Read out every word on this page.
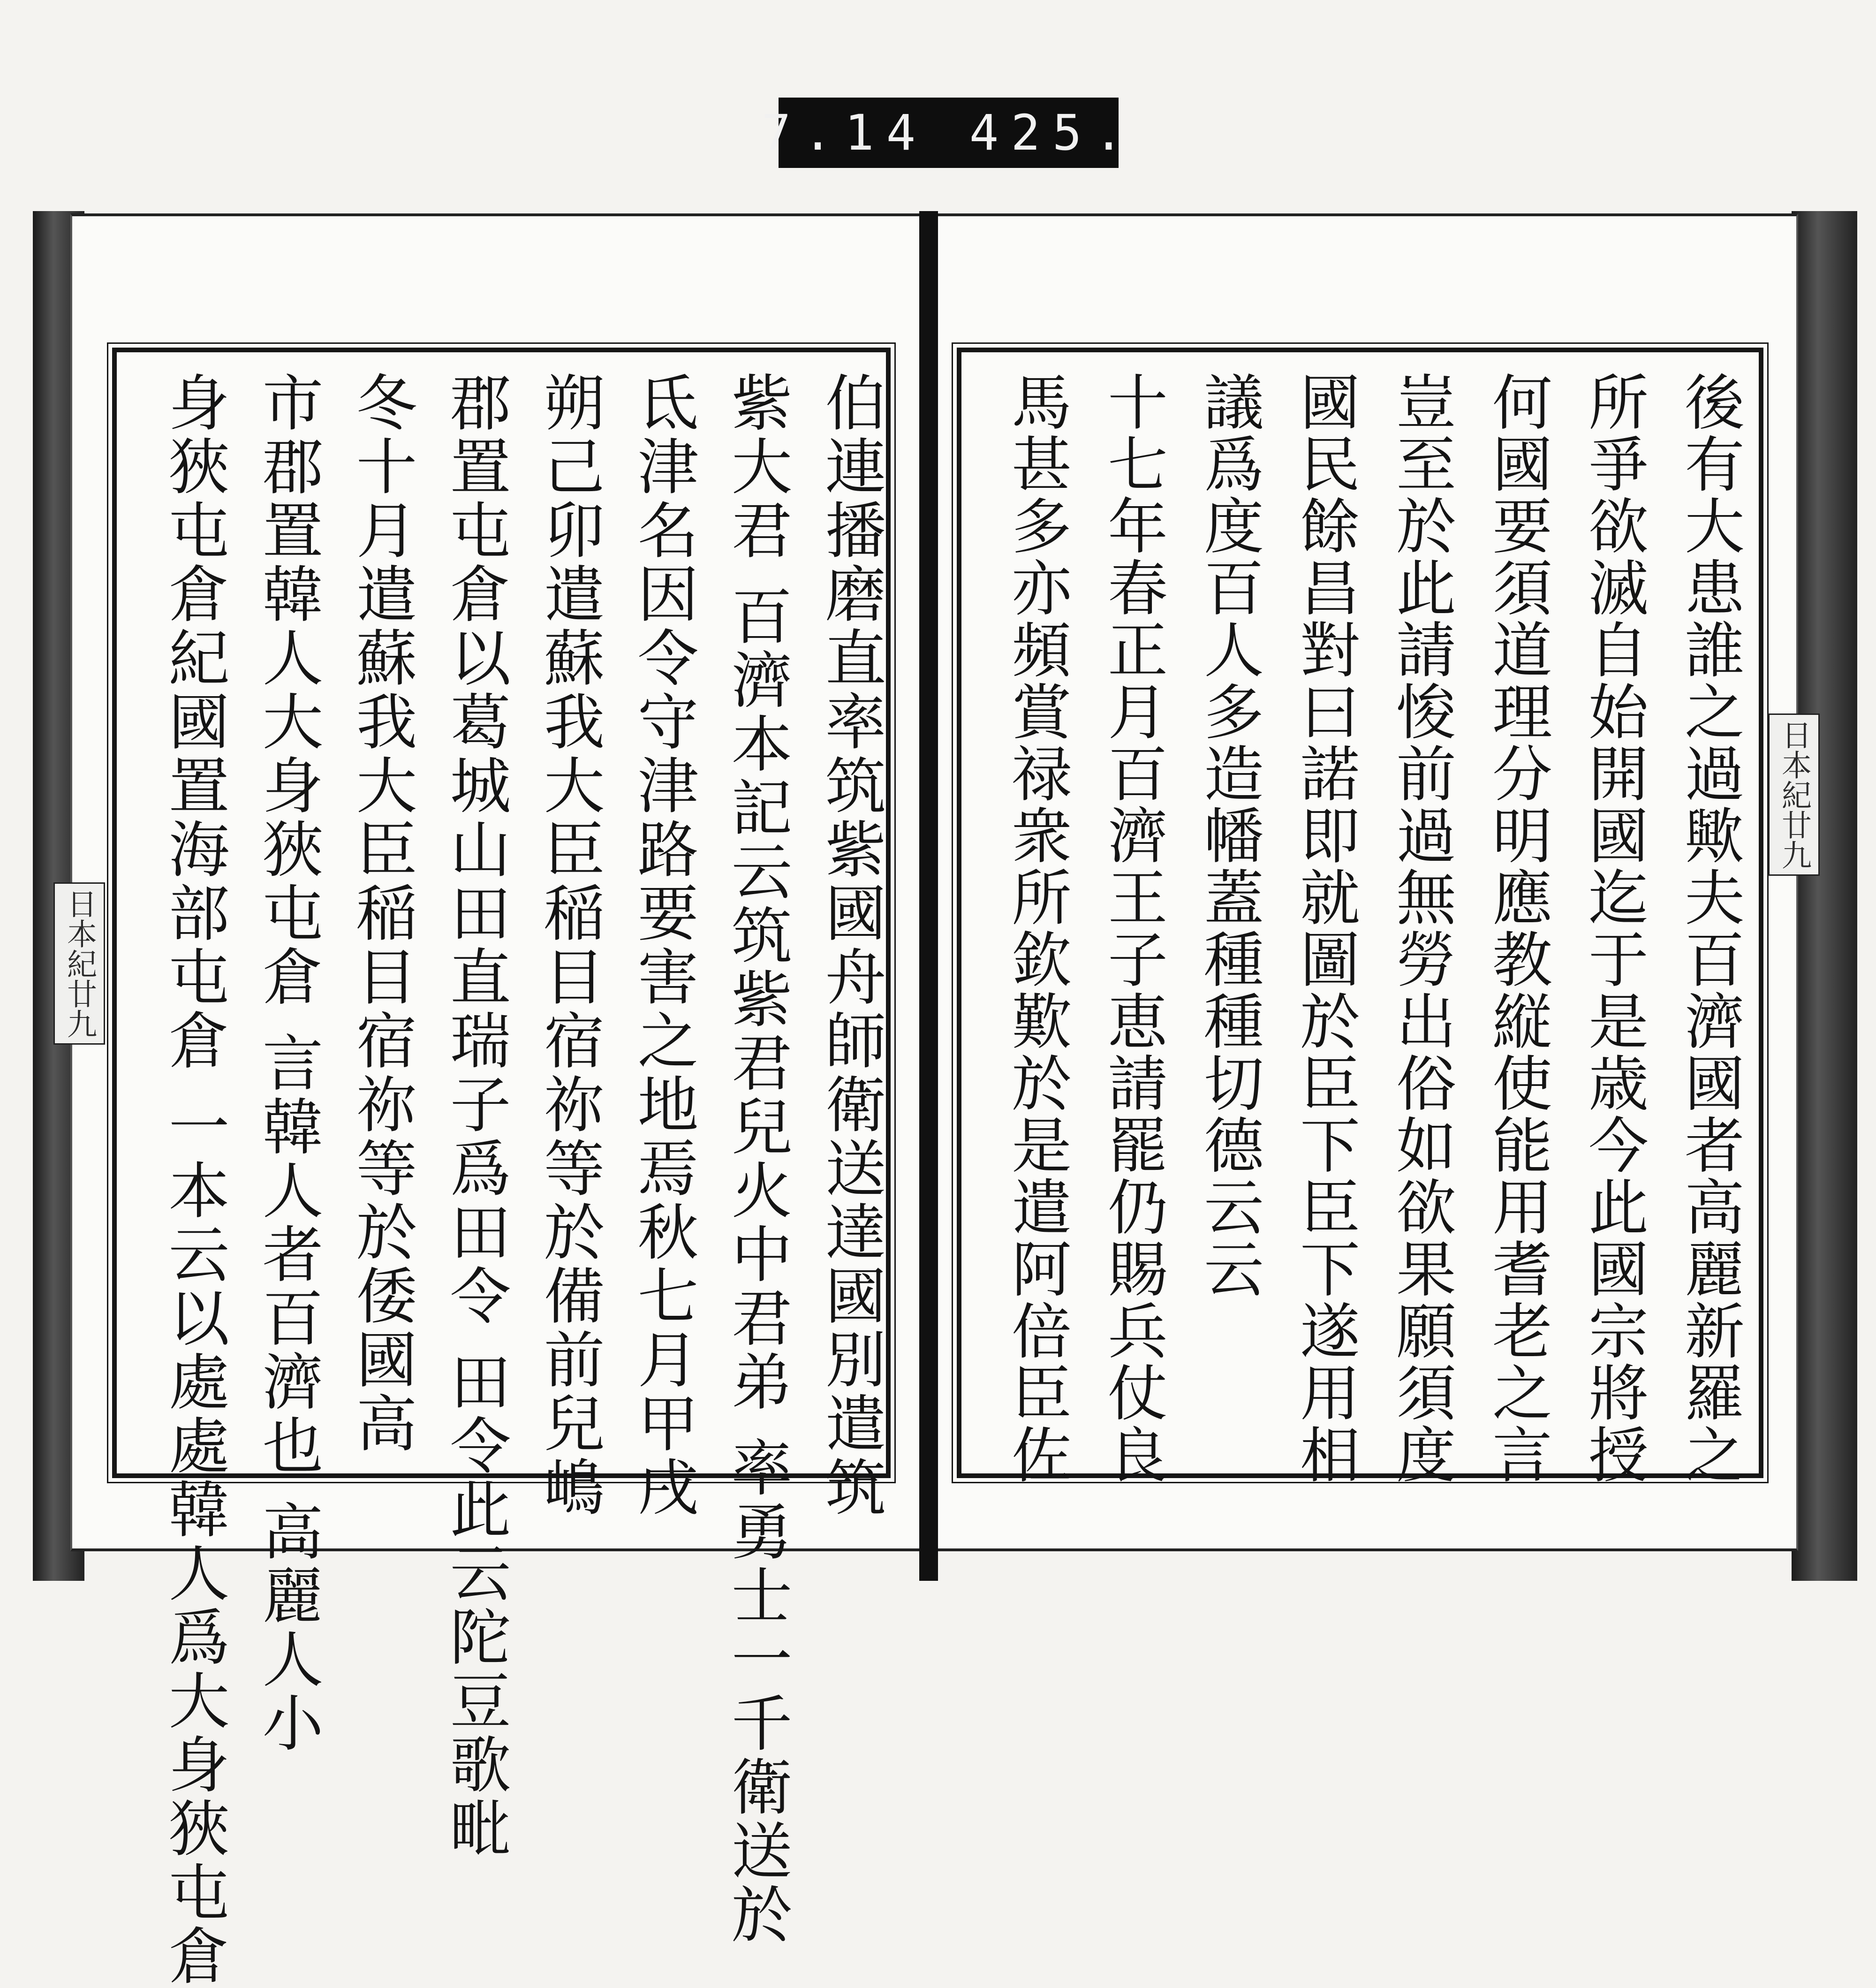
7.14 425.
伯連播磨直率筑紫國舟師衛送達國別遣筑
紫大君 百濟本記云筑紫君兒火中君弟 率勇士一千衛送於
氐津名因令守津路要害之地焉秋七月甲戌
朔己卯遣蘇我大臣稲目宿祢等於備前兒嶋
郡置屯倉以葛城山田直瑞子爲田令 田令此云陀豆歌毗
冬十月遣蘇我大臣稲目宿祢等於倭國高
市郡置韓人大身狹屯倉 言韓人者百濟也 高麗人小
身狹屯倉紀國置海部屯倉 一本云以處處韓人爲大身狹屯倉
日本紀廿九	後有大患誰之過歟夫百濟國者高麗新羅之
所爭欲滅自始開國迄于是歳今此國宗將授
何國要須道理分明應教縦使能用耆老之言
豈至於此請悛前過無勞出俗如欲果願須度
國民餘昌對曰諾即就圖於臣下臣下遂用相
議爲度百人多造幡蓋種種切德云云
十七年春正月百濟王子恵請罷仍賜兵仗良
馬甚多亦頻賞禄衆所欽歎於是遣阿倍臣佐	日本紀廿九
